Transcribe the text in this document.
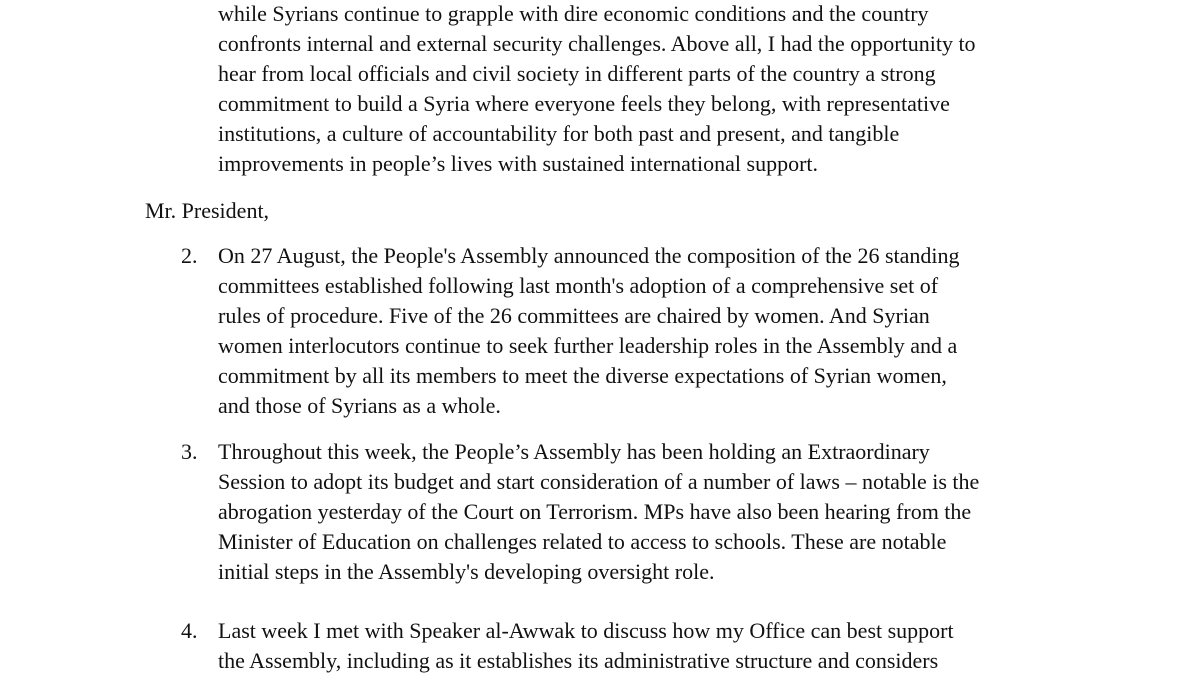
while Syrians continue to grapple with dire economic conditions and the country
confronts internal and external security challenges. Above all, I had the opportunity to
hear from local officials and civil society in different parts of the country a strong
commitment to build a Syria where everyone feels they belong, with representative
institutions, a culture of accountability for both past and present, and tangible
improvements in people’s lives with sustained international support.
Mr. President,
2. On 27 August, the People's Assembly announced the composition of the 26 standing
committees established following last month's adoption of a comprehensive set of
rules of procedure. Five of the 26 committees are chaired by women. And Syrian
women interlocutors continue to seek further leadership roles in the Assembly and a
commitment by all its members to meet the diverse expectations of Syrian women,
and those of Syrians as a whole.
3. Throughout this week, the People’s Assembly has been holding an Extraordinary
Session to adopt its budget and start consideration of a number of laws – notable is the
abrogation yesterday of the Court on Terrorism. MPs have also been hearing from the
Minister of Education on challenges related to access to schools. These are notable
initial steps in the Assembly's developing oversight role.
4. Last week I met with Speaker al-Awwak to discuss how my Office can best support
the Assembly, including as it establishes its administrative structure and considers
